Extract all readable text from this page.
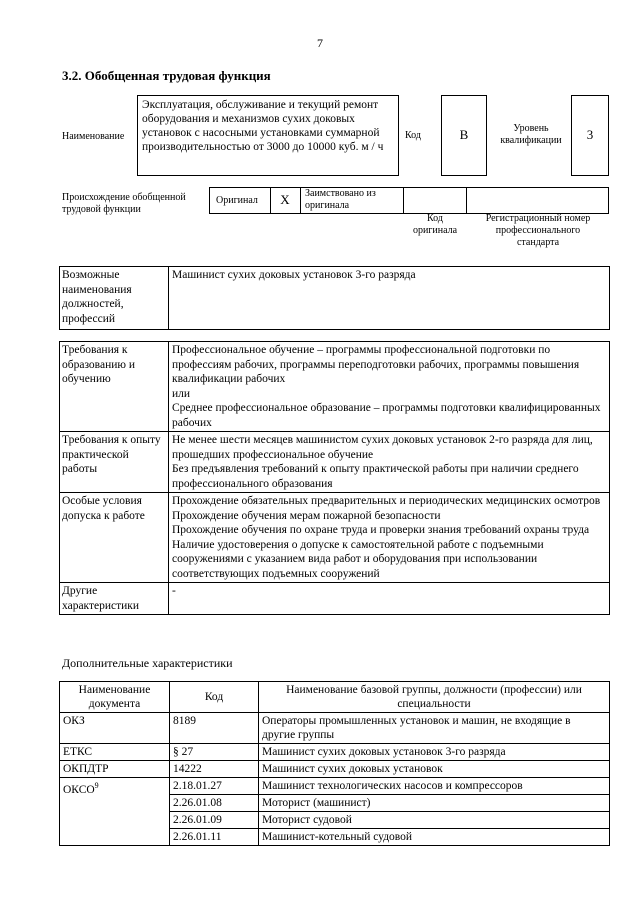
7
3.2. Обобщенная трудовая функция
Наименование
Эксплуатация, обслуживание и текущий ремонт оборудования и механизмов сухих доковых установок с насосными установками суммарной производительностью от 3000 до 10000 куб. м / ч
Код	B	Уровень квалификации	3
Происхождение обобщенной трудовой функции
Оригинал	X	Заимствовано из оригинала
Код оригинала
Регистрационный номер профессионального стандарта
Возможные наименования должностей, профессий	Машинист сухих доковых установок 3-го разряда
Требования к образованию и обучению	Профессиональное обучение – программы профессиональной подготовки по профессиям рабочих, программы переподготовки рабочих, программы повышения квалификации рабочих

или

Среднее профессиональное образование – программы подготовки квалифицированных рабочих

Требования к опыту практической работы	Не менее шести месяцев машинистом сухих доковых установок 2-го разряда для лиц, прошедших профессиональное обучение

Без предъявления требований к опыту практической работы при наличии среднего профессионального образования

Особые условия допуска к работе	Прохождение обязательных предварительных и периодических медицинских осмотров

Прохождение обучения мерам пожарной безопасности

Прохождение обучения по охране труда и проверки знания требований охраны труда

Наличие удостоверения о допуске к самостоятельной работе с подъемными сооружениями с указанием вида работ и оборудования при использовании соответствующих подъемных сооружений

Другие характеристики	-

Дополнительные характеристики
Наименование документа	Код	Наименование базовой группы, должности (профессии) или специальности
ОКЗ	8189	Операторы промышленных установок и машин, не входящие в другие группы
ЕТКС	§ 27	Машинист сухих доковых установок 3-го разряда
ОКПДТР	14222	Машинист сухих доковых установок
ОКСО$^9$	2.18.01.27	Машинист технологических насосов и компрессоров
	2.26.01.08	Моторист (машинист)
	2.26.01.09	Моторист судовой
	2.26.01.11	Машинист-котельный судовой
